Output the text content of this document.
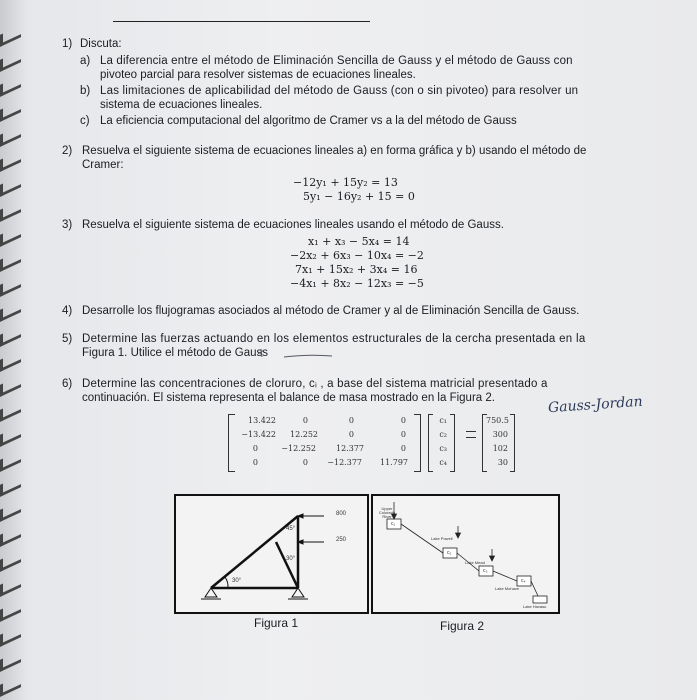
1) Discuta:
a) La diferencia entre el método de Eliminación Sencilla de Gauss y el método de Gauss con
pivoteo parcial para resolver sistemas de ecuaciones lineales.
b) Las limitaciones de aplicabilidad del método de Gauss (con o sin pivoteo) para resolver un
sistema de ecuaciones lineales.
c) La eficiencia computacional del algoritmo de Cramer vs a la del método de Gauss
2) Resuelva el siguiente sistema de ecuaciones lineales a) en forma gráfica y b) usando el método de
Cramer:
−12y₁ + 15y₂ = 13
5y₁ − 16y₂ + 15 = 0
3) Resuelva el siguiente sistema de ecuaciones lineales usando el método de Gauss.
x₁ + x₃ − 5x₄ = 14
−2x₂ + 6x₃ − 10x₄ = −2
7x₁ + 15x₂ + 3x₄ = 16
−4x₁ + 8x₂ − 12x₃ = −5
4) Desarrolle los flujogramas asociados al método de Cramer y al de Eliminación Sencilla de Gauss.
5) Determine las fuerzas actuando en los elementos estructurales de la cercha presentada en la
Figura 1. Utilice el método de Gauss
6) Determine las concentraciones de cloruro, cᵢ , a base del sistema matricial presentado a
continuación. El sistema representa el balance de masa mostrado en la Figura 2.	Gauss-Jordan
13.422	0	0	0
−13.422	12.252	0	0
0	−12.252	12.377	0
0	0	−12.377	11.797
c₁
c₂
c₃
c₄
750.5
300
102
30
800
250
45°
30°
30°
Figura 1
Upper Colorado River
Lake Powell
Lake Mead
Lake Mohave
Lake Havasu
c₁
c₂
c₃
c₄
Figura 2
